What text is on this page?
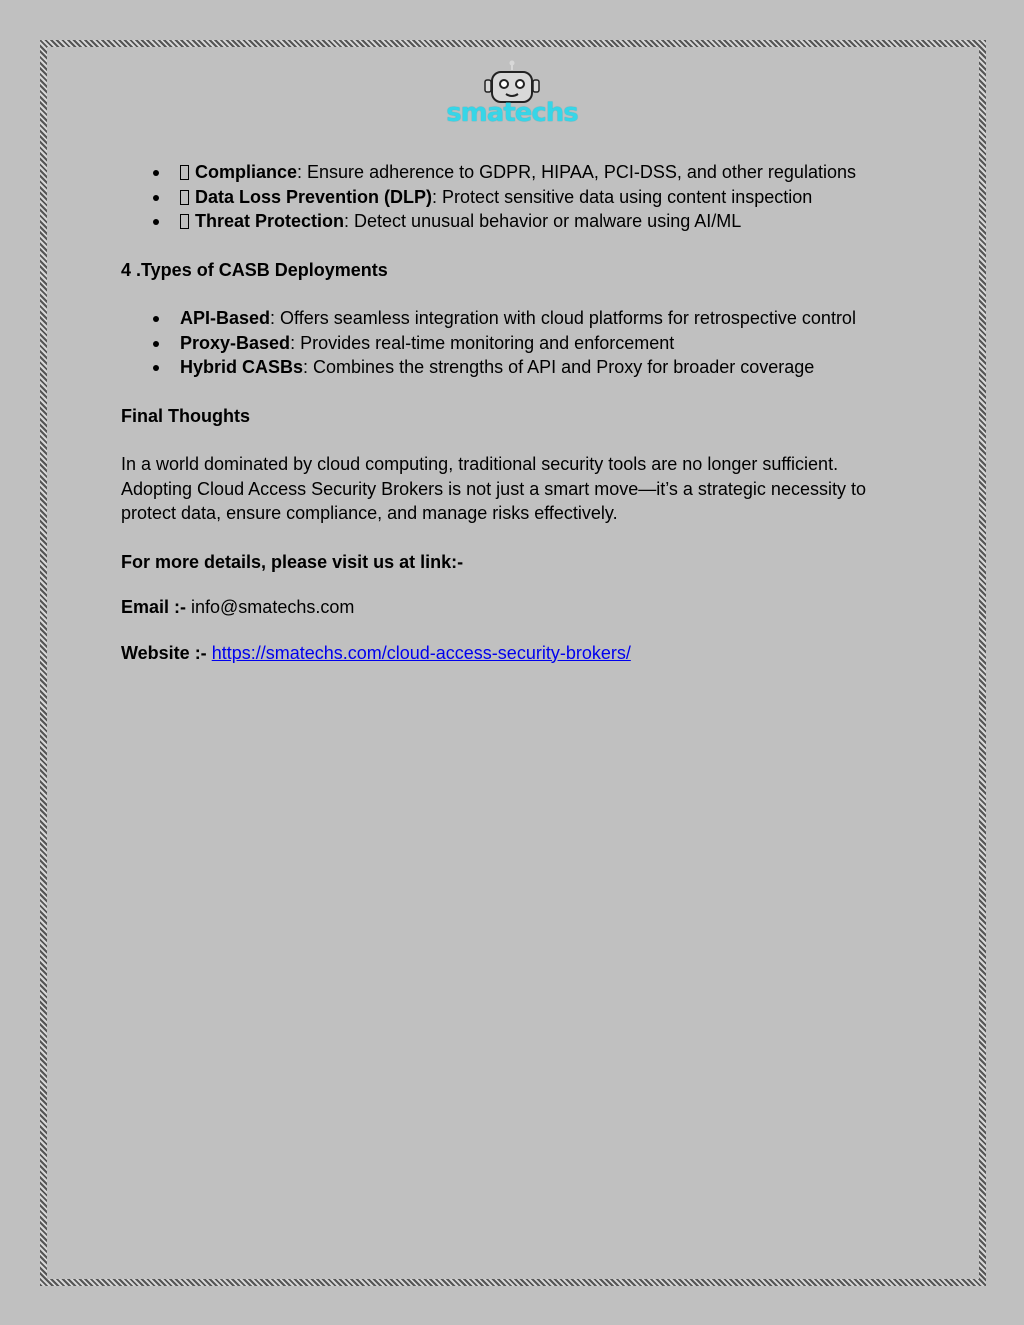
smatechs
Compliance: Ensure adherence to GDPR, HIPAA, PCI-DSS, and other regulations
Data Loss Prevention (DLP): Protect sensitive data using content inspection
Threat Protection: Detect unusual behavior or malware using AI/ML

4 .Types of CASB Deployments

API-Based: Offers seamless integration with cloud platforms for retrospective control
Proxy-Based: Provides real-time monitoring and enforcement
Hybrid CASBs: Combines the strengths of API and Proxy for broader coverage

Final Thoughts

In a world dominated by cloud computing, traditional security tools are no longer sufficient.

Adopting Cloud Access Security Brokers is not just a smart move—it’s a strategic necessity to

protect data, ensure compliance, and manage risks effectively.

For more details, please visit us at link:-

Email :- info@smatechs.com

Website :- https://smatechs.com/cloud-access-security-brokers/
